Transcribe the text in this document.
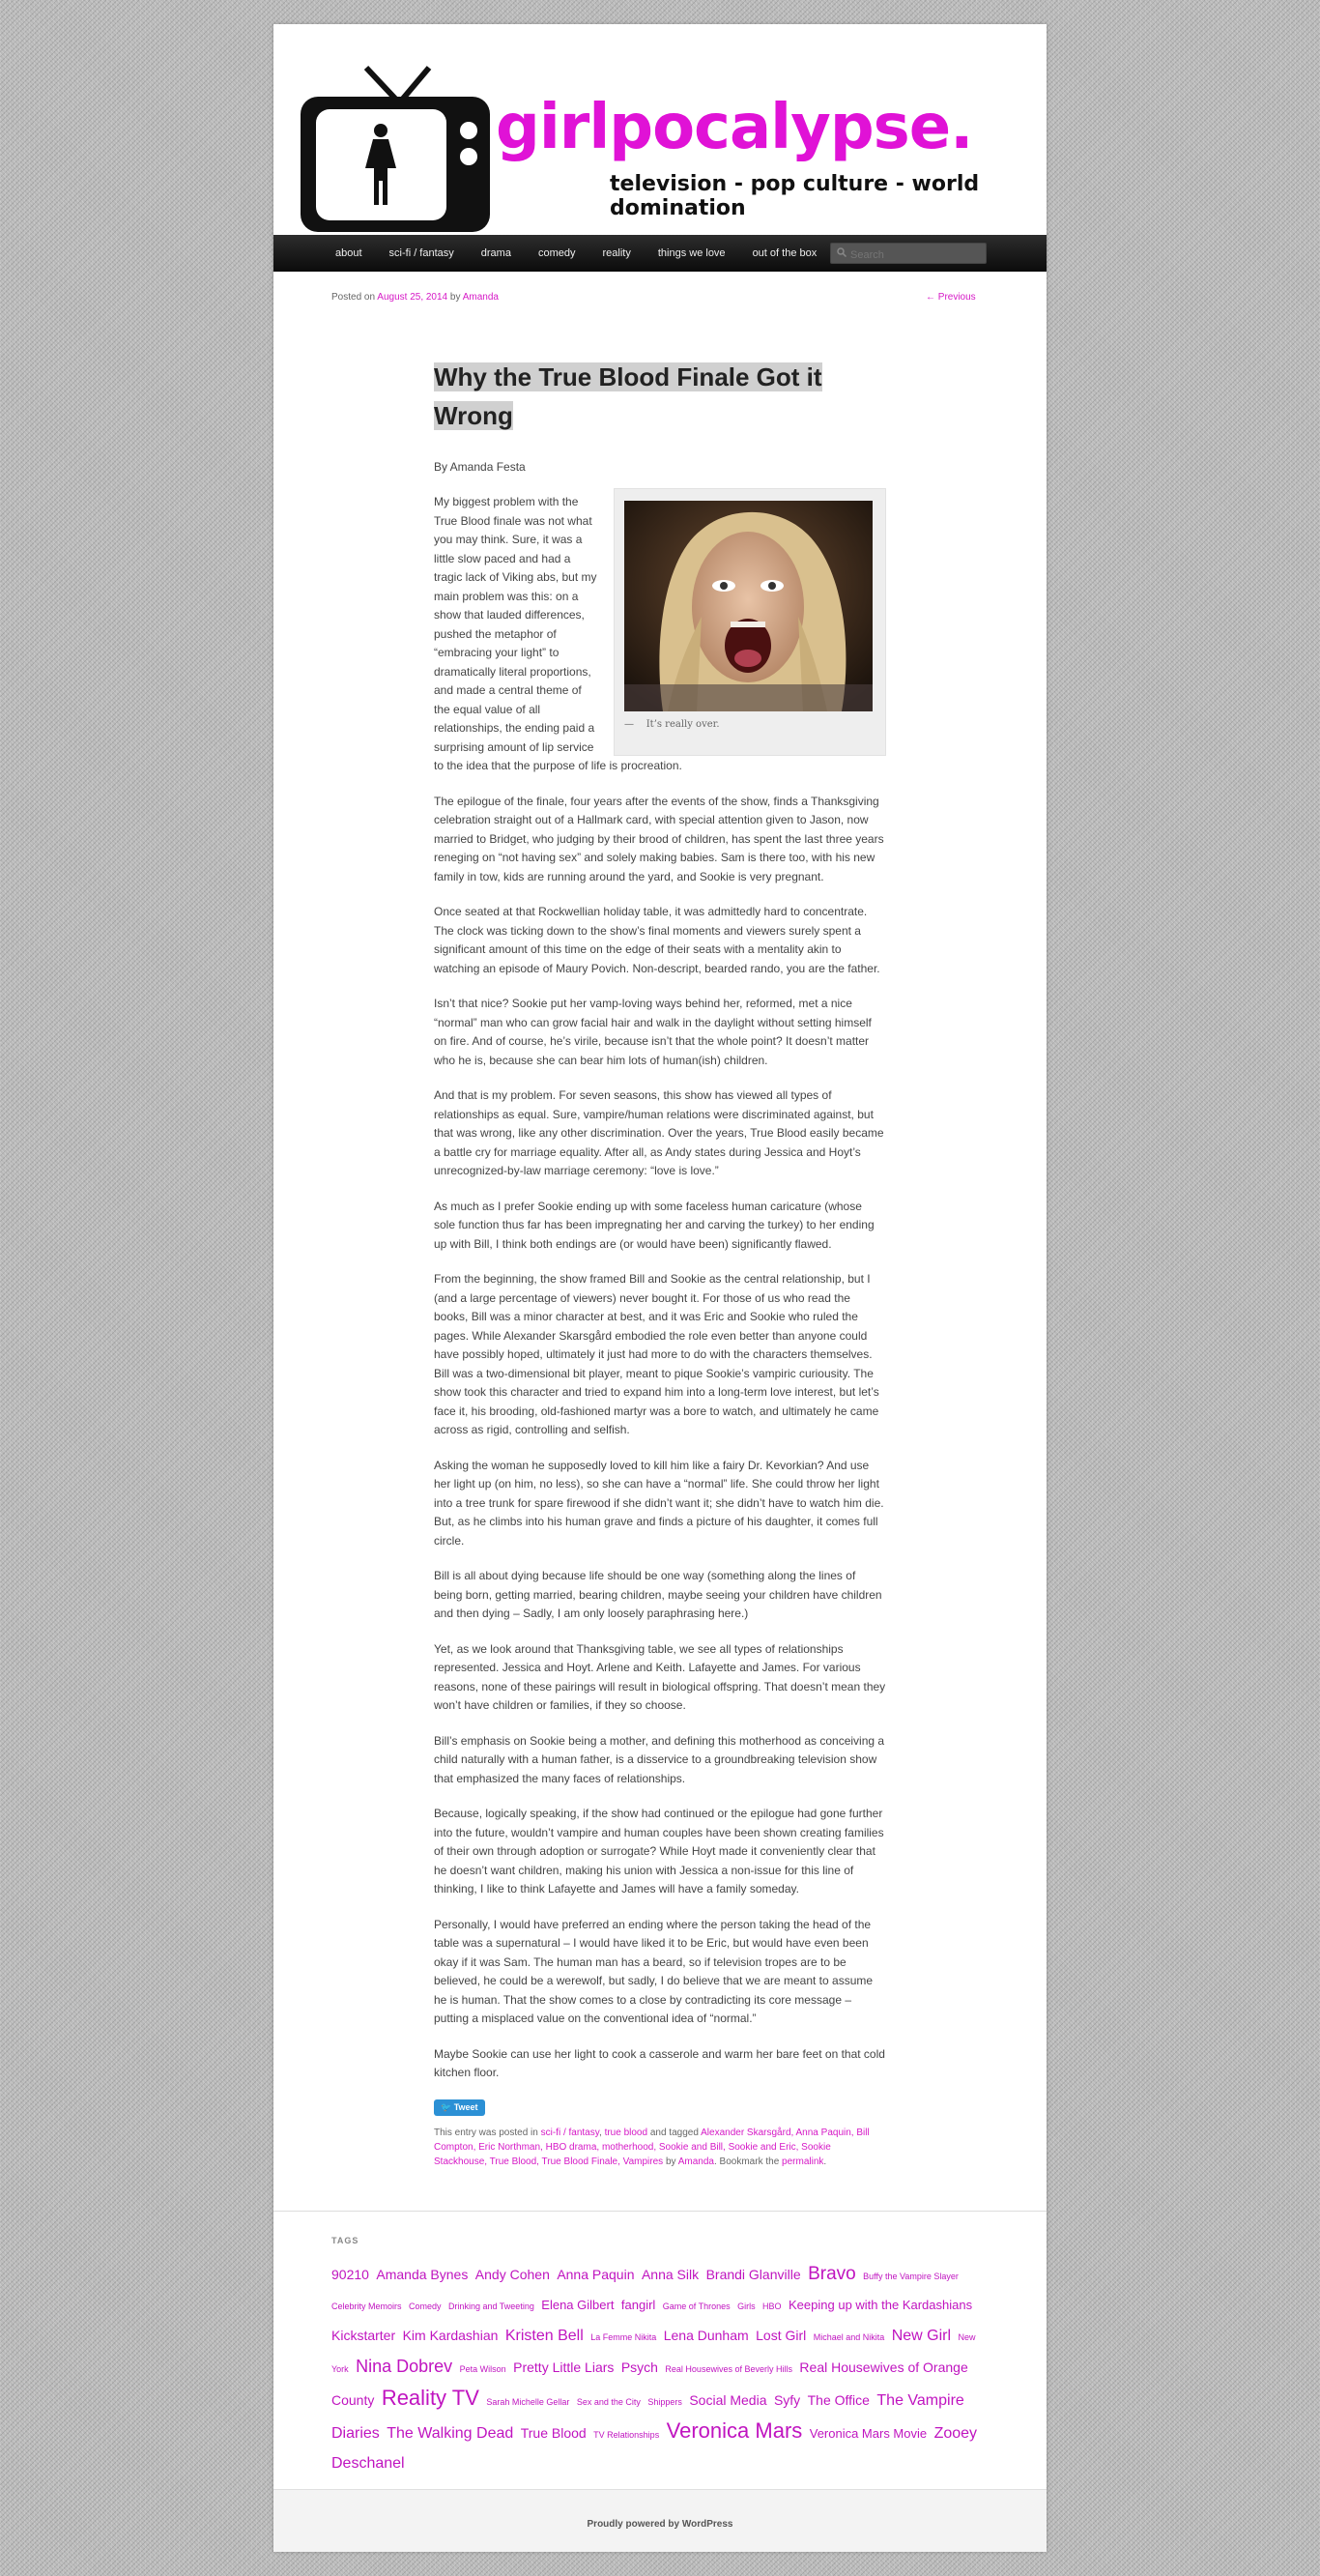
girlpocalypse.
television - pop culture - world domination
about	sci-fi / fantasy	drama	comedy	reality	things we love	out of the box
Search
Posted on August 25, 2014 by Amanda	← Previous
Why the True Blood Finale Got it Wrong

By Amanda Festa

—    It’s really over.

My biggest problem with the True Blood finale was not what you may think. Sure, it was a little slow paced and had a tragic lack of Viking abs, but my main problem was this: on a show that lauded differences, pushed the metaphor of “embracing your light” to dramatically literal proportions, and made a central theme of the equal value of all relationships, the ending paid a surprising amount of lip service
to the idea that the purpose of life is procreation.

The epilogue of the finale, four years after the events of the show, finds a Thanksgiving celebration straight out of a Hallmark card, with special attention given to Jason, now married to Bridget, who judging by their brood of children, has spent the last three years reneging on “not having sex” and solely making babies. Sam is there too, with his new family in tow, kids are running around the yard, and Sookie is very pregnant.

Once seated at that Rockwellian holiday table, it was admittedly hard to concentrate. The clock was ticking down to the show’s final moments and viewers surely spent a significant amount of this time on the edge of their seats with a mentality akin to watching an episode of Maury Povich. Non-descript, bearded rando, you are the father.

Isn’t that nice? Sookie put her vamp-loving ways behind her, reformed, met a nice “normal” man who can grow facial hair and walk in the daylight without setting himself on fire. And of course, he’s virile, because isn’t that the whole point? It doesn’t matter who he is, because she can bear him lots of human(ish) children.

And that is my problem. For seven seasons, this show has viewed all types of relationships as equal. Sure, vampire/human relations were discriminated against, but that was wrong, like any other discrimination. Over the years, True Blood easily became a battle cry for marriage equality. After all, as Andy states during Jessica and Hoyt’s unrecognized-by-law marriage ceremony: “love is love.”

As much as I prefer Sookie ending up with some faceless human caricature (whose sole function thus far has been impregnating her and carving the turkey) to her ending up with Bill, I think both endings are (or would have been) significantly flawed.

From the beginning, the show framed Bill and Sookie as the central relationship, but I (and a large percentage of viewers) never bought it. For those of us who read the books, Bill was a minor character at best, and it was Eric and Sookie who ruled the pages. While Alexander Skarsgård embodied the role even better than anyone could have possibly hoped, ultimately it just had more to do with the characters themselves. Bill was a two-dimensional bit player, meant to pique Sookie’s vampiric curiousity. The show took this character and tried to expand him into a long-term love interest, but let’s face it, his brooding, old-fashioned martyr was a bore to watch, and ultimately he came across as rigid, controlling and selfish.

Asking the woman he supposedly loved to kill him like a fairy Dr. Kevorkian? And use her light up (on him, no less), so she can have a “normal” life. She could throw her light into a tree trunk for spare firewood if she didn’t want it; she didn’t have to watch him die. But, as he climbs into his human grave and finds a picture of his daughter, it comes full circle.

Bill is all about dying because life should be one way (something along the lines of being born, getting married, bearing children, maybe seeing your children have children and then dying – Sadly, I am only loosely paraphrasing here.)

Yet, as we look around that Thanksgiving table, we see all types of relationships represented. Jessica and Hoyt. Arlene and Keith. Lafayette and James. For various reasons, none of these pairings will result in biological offspring. That doesn’t mean they won’t have children or families, if they so choose.

Bill’s emphasis on Sookie being a mother, and defining this motherhood as conceiving a child naturally with a human father, is a disservice to a groundbreaking television show that emphasized the many faces of relationships.

Because, logically speaking, if the show had continued or the epilogue had gone further into the future, wouldn’t vampire and human couples have been shown creating families of their own through adoption or surrogate? While Hoyt made it conveniently clear that he doesn’t want children, making his union with Jessica a non-issue for this line of thinking, I like to think Lafayette and James will have a family someday.

Personally, I would have preferred an ending where the person taking the head of the table was a supernatural – I would have liked it to be Eric, but would have even been okay if it was Sam. The human man has a beard, so if television tropes are to be believed, he could be a werewolf, but sadly, I do believe that we are meant to assume he is human. That the show comes to a close by contradicting its core message – putting a misplaced value on the conventional idea of “normal.”

Maybe Sookie can use her light to cook a casserole and warm her bare feet on that cold kitchen floor.

🐦 Tweet
This entry was posted in sci-fi / fantasy, true blood and tagged Alexander Skarsgård, Anna Paquin, Bill Compton, Eric Northman, HBO drama, motherhood, Sookie and Bill, Sookie and Eric, Sookie Stackhouse, True Blood, True Blood Finale, Vampires by Amanda. Bookmark the permalink.
TAGS
90210 Amanda Bynes Andy Cohen Anna Paquin Anna Silk Brandi Glanville Bravo Buffy the Vampire Slayer Celebrity Memoirs Comedy Drinking and Tweeting Elena Gilbert fangirl Game of Thrones Girls HBO Keeping up with the Kardashians Kickstarter Kim Kardashian Kristen Bell La Femme Nikita Lena Dunham Lost Girl Michael and Nikita New Girl New York Nina Dobrev Peta Wilson Pretty Little Liars Psych Real Housewives of Beverly Hills Real Housewives of Orange County Reality TV Sarah Michelle Gellar Sex and the City Shippers Social Media Syfy The Office The Vampire Diaries The Walking Dead True Blood TV Relationships Veronica Mars Veronica Mars Movie Zooey Deschanel
Proudly powered by WordPress
